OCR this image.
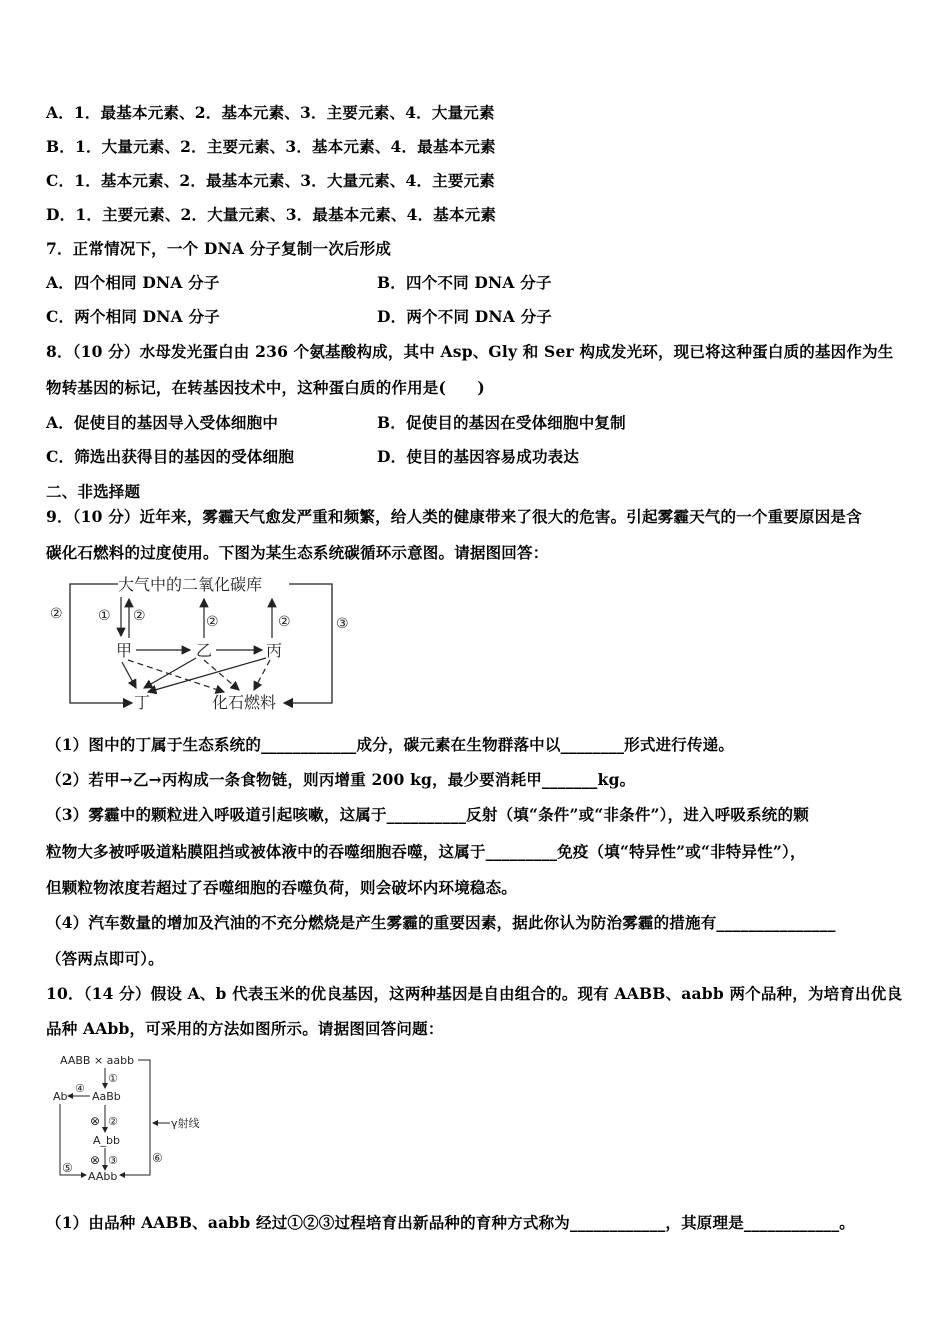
A．1．最基本元素、2．基本元素、3．主要元素、4．大量元素
B．1．大量元素、2．主要元素、3．基本元素、4．最基本元素
C．1．基本元素、2．最基本元素、3．大量元素、4．主要元素
D．1．主要元素、2．大量元素、3．最基本元素、4．基本元素
7．正常情况下，一个 DNA 分子复制一次后形成
A．四个相同 DNA 分子	B．四个不同 DNA 分子
C．两个相同 DNA 分子	D．两个不同 DNA 分子
8．（10 分）水母发光蛋白由 236 个氨基酸构成，其中 Asp、Gly 和 Ser 构成发光环，现已将这种蛋白质的基因作为生
物转基因的标记，在转基因技术中，这种蛋白质的作用是(　　)
A．促使目的基因导入受体细胞中	B．促使目的基因在受体细胞中复制
C．筛选出获得目的基因的受体细胞	D．使目的基因容易成功表达
二、非选择题
9．（10 分）近年来，雾霾天气愈发严重和频繁，给人类的健康带来了很大的危害。引起雾霾天气的一个重要原因是含
碳化石燃料的过度使用。下图为某生态系统碳循环示意图。请据图回答：
大气中的二氧化碳库
②
③
① ②	②	②
甲	乙	丙
丁	化石燃料
（1）图中的丁属于生态系统的____________成分，碳元素在生物群落中以________形式进行传递。
（2）若甲→乙→丙构成一条食物链，则丙增重 200 kg，最少要消耗甲_______kg。
（3）雾霾中的颗粒进入呼吸道引起咳嗽，这属于__________反射（填“条件”或“非条件”），进入呼吸系统的颗
粒物大多被呼吸道粘膜阻挡或被体液中的吞噬细胞吞噬，这属于_________免疫（填“特异性”或“非特异性”），
但颗粒物浓度若超过了吞噬细胞的吞噬负荷，则会破坏内环境稳态。
（4）汽车数量的增加及汽油的不充分燃烧是产生雾霾的重要因素，据此你认为防治雾霾的措施有_______________
（答两点即可）。
10．（14 分）假设 A、b 代表玉米的优良基因，这两种基因是自由组合的。现有 AABB、aabb 两个品种，为培育出优良
品种 AAbb，可采用的方法如图所示。请据图回答问题：
AABB × aabb
⑥
γ射线
①
AaBb
④
Ab
⑤
⊗ ②
A_bb
⊗ ③
AAbb
（1）由品种 AABB、aabb 经过①②③过程培育出新品种的育种方式称为____________，其原理是____________。
